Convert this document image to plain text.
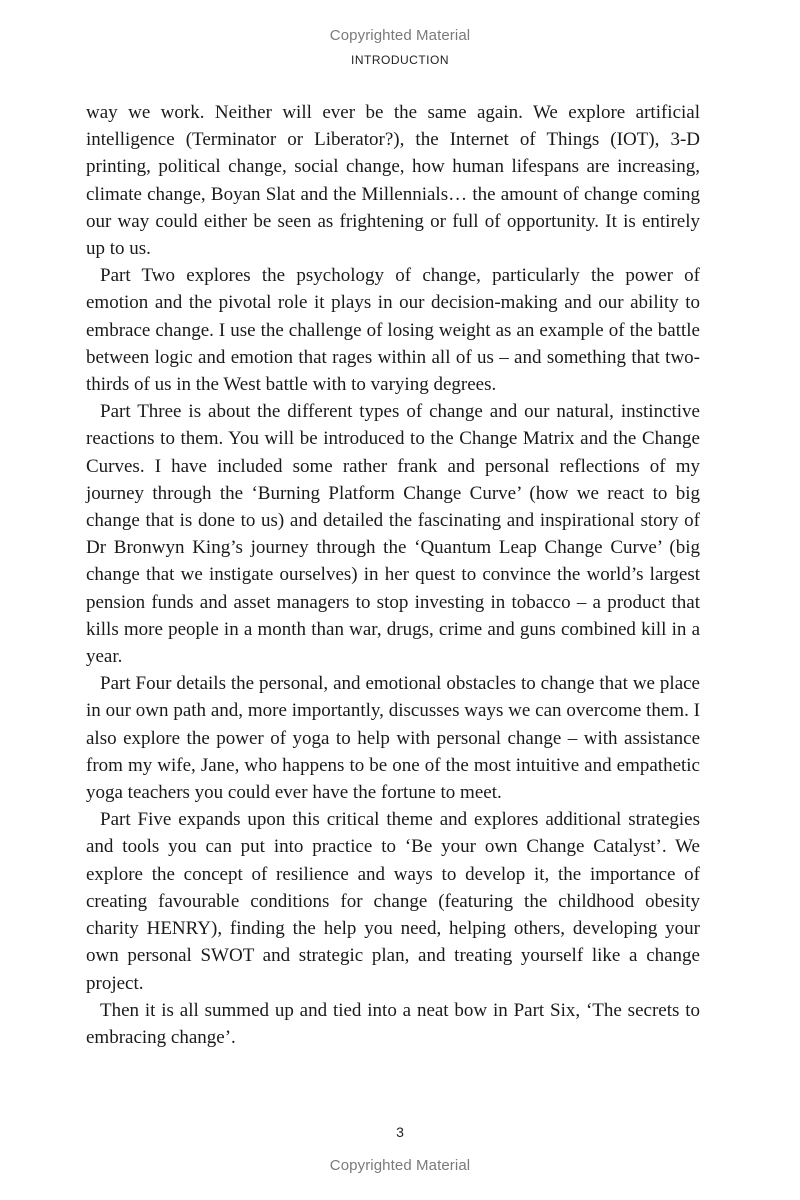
Copyrighted Material
INTRODUCTION

way we work. Neither will ever be the same again. We explore artificial intelligence (Terminator or Liberator?), the Internet of Things (IOT), 3-D printing, political change, social change, how human lifespans are increasing, climate change, Boyan Slat and the Millennials… the amount of change coming our way could either be seen as frightening or full of opportunity. It is entirely up to us.

Part Two explores the psychology of change, particularly the power of emotion and the pivotal role it plays in our decision-making and our ability to embrace change. I use the challenge of losing weight as an example of the battle between logic and emotion that rages within all of us – and something that two-thirds of us in the West battle with to varying degrees.

Part Three is about the different types of change and our natural, instinctive reactions to them. You will be introduced to the Change Matrix and the Change Curves. I have included some rather frank and personal reflections of my journey through the ‘Burning Platform Change Curve’ (how we react to big change that is done to us) and detailed the fascinating and inspirational story of Dr Bronwyn King’s journey through the ‘Quantum Leap Change Curve’ (big change that we instigate ourselves) in her quest to convince the world’s largest pension funds and asset managers to stop investing in tobacco – a product that kills more people in a month than war, drugs, crime and guns combined kill in a year.

Part Four details the personal, and emotional obstacles to change that we place in our own path and, more importantly, discusses ways we can overcome them. I also explore the power of yoga to help with personal change – with assistance from my wife, Jane, who happens to be one of the most intuitive and empathetic yoga teachers you could ever have the fortune to meet.

Part Five expands upon this critical theme and explores additional strategies and tools you can put into practice to ‘Be your own Change Catalyst’. We explore the concept of resilience and ways to develop it, the importance of creating favourable conditions for change (featuring the childhood obesity charity HENRY), finding the help you need, helping others, developing your own personal SWOT and strategic plan, and treating yourself like a change project.

Then it is all summed up and tied into a neat bow in Part Six, ‘The secrets to embracing change’.

3
Copyrighted Material
